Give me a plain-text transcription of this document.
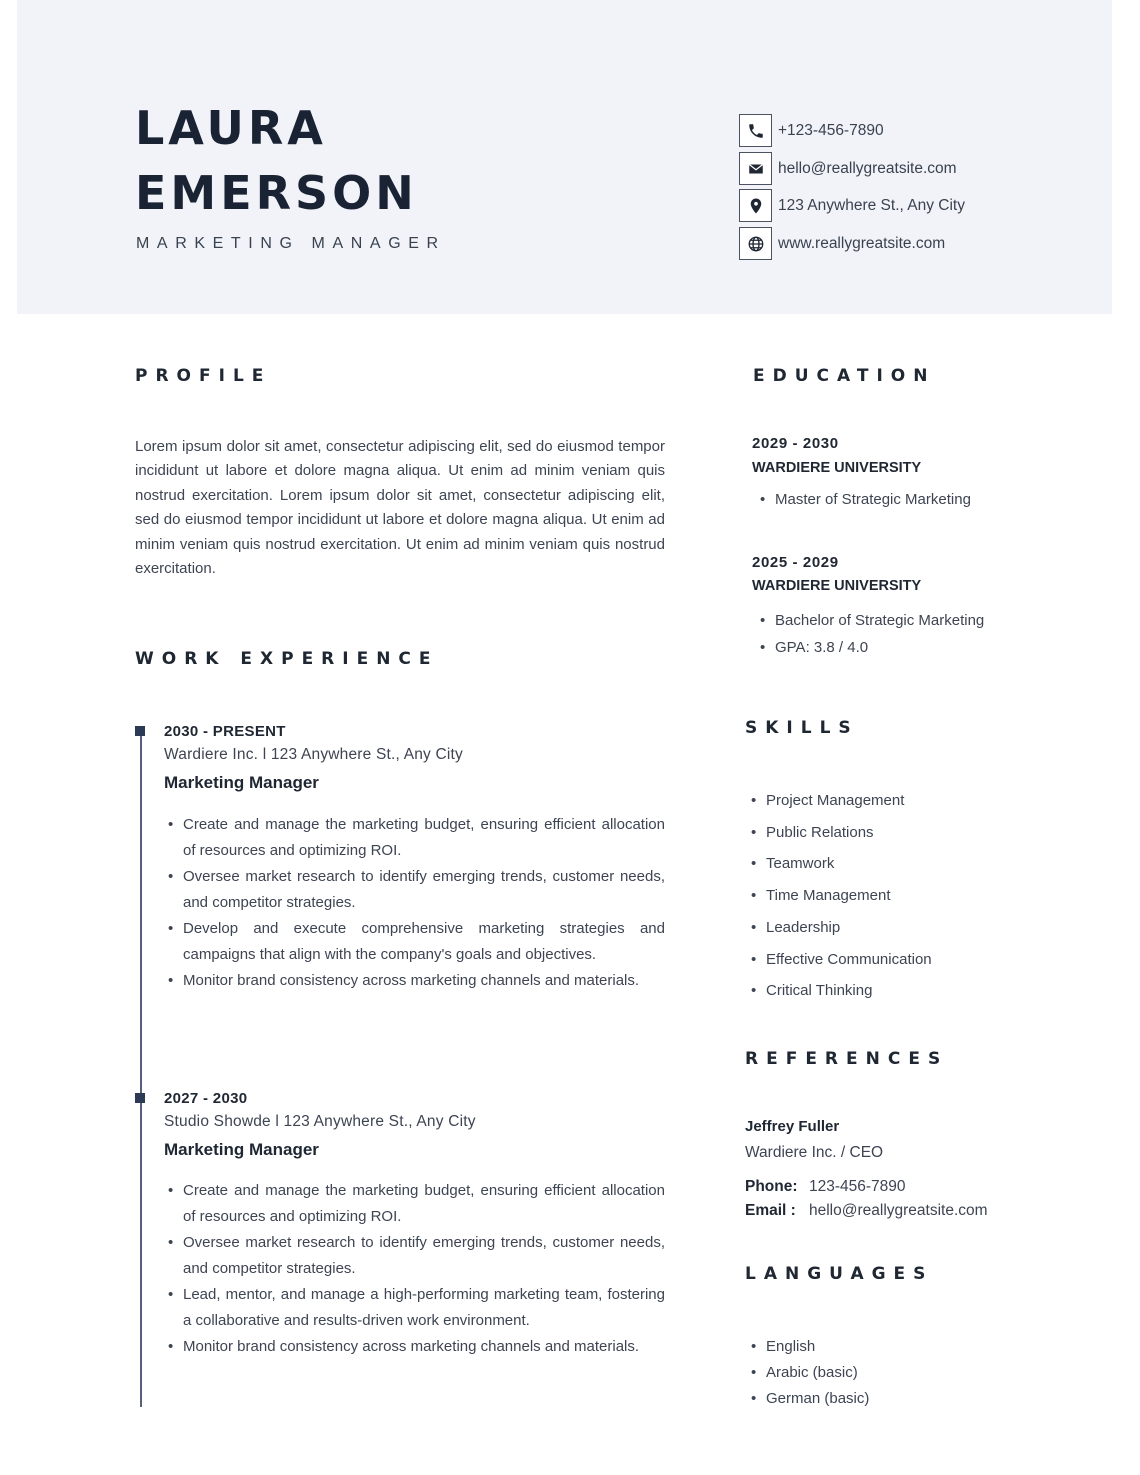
LAURA
EMERSON

MARKETING MANAGER

+123-456-7890
hello@reallygreatsite.com
123 Anywhere St., Any City
www.reallygreatsite.com
PROFILE

Lorem ipsum dolor sit amet, consectetur adipiscing elit, sed do eiusmod tempor incididunt ut labore et dolore magna aliqua. Ut enim ad minim veniam quis nostrud exercitation. Lorem ipsum dolor sit amet, consectetur adipiscing elit, sed do eiusmod tempor incididunt ut labore et dolore magna aliqua. Ut enim ad minim veniam quis nostrud exercitation. Ut enim ad minim veniam quis nostrud exercitation.

WORK EXPERIENCE

2030 - PRESENT

Wardiere Inc. l 123 Anywhere St., Any City

Marketing Manager

• Create and manage the marketing budget, ensuring efficient allocation of resources and optimizing ROI.
• Oversee market research to identify emerging trends, customer needs, and competitor strategies.
• Develop and execute comprehensive marketing strategies and campaigns that align with the company's goals and objectives.
• Monitor brand consistency across marketing channels and materials.

2027 - 2030

Studio Showde l 123 Anywhere St., Any City

Marketing Manager

• Create and manage the marketing budget, ensuring efficient allocation of resources and optimizing ROI.
• Oversee market research to identify emerging trends, customer needs, and competitor strategies.
• Lead, mentor, and manage a high-performing marketing team, fostering a collaborative and results-driven work environment.
• Monitor brand consistency across marketing channels and materials.
EDUCATION

2029 - 2030

WARDIERE UNIVERSITY

• Master of Strategic Marketing

2025 - 2029

WARDIERE UNIVERSITY

• Bachelor of Strategic Marketing
• GPA: 3.8 / 4.0
SKILLS
• Project Management
• Public Relations
• Teamwork
• Time Management
• Leadership
• Effective Communication
• Critical Thinking
REFERENCES

Jeffrey Fuller

Wardiere Inc. / CEO

Phone: 123-456-7890

Email : hello@reallygreatsite.com

LANGUAGES
• English
• Arabic (basic)
• German (basic)
